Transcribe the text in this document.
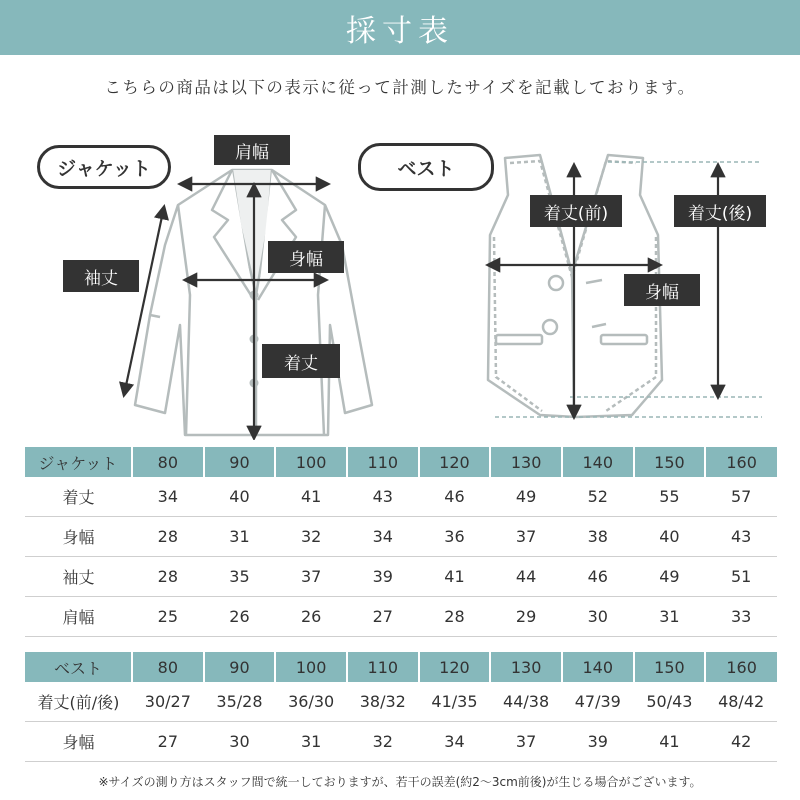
採寸表
こちらの商品は以下の表示に従って計測したサイズを記載しております。
ジャケット	ベスト
肩幅
袖丈
身幅
着丈
着丈(前)	着丈(後)
身幅
ジャケット	80	90	100	110	120	130	140	150	160
着丈	34	40	41	43	46	49	52	55	57
身幅	28	31	32	34	36	37	38	40	43
袖丈	28	35	37	39	41	44	46	49	51
肩幅	25	26	26	27	28	29	30	31	33
ベスト	80	90	100	110	120	130	140	150	160
着丈(前/後)	30/27	35/28	36/30	38/32	41/35	44/38	47/39	50/43	48/42
身幅	27	30	31	32	34	37	39	41	42
※サイズの測り方はスタッフ間で統一しておりますが、若干の誤差(約2〜3cm前後)が生じる場合がございます。
